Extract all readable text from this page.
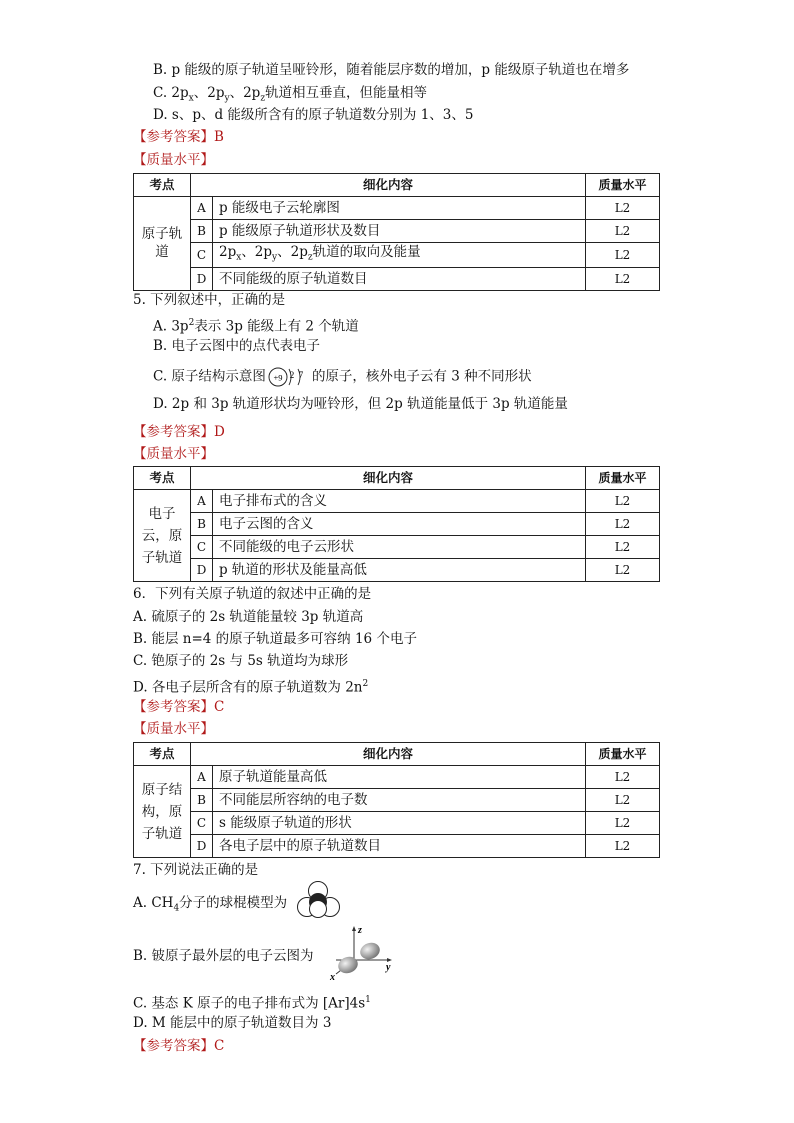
B. p 能级的原子轨道呈哑铃形，随着能层序数的增加，p 能级原子轨道也在增多
C. $2p_x$、$2p_y$、$2p_z$轨道相互垂直，但能量相等
D. s、p、d 能级所含有的原子轨道数分别为 1、3、5
【参考答案】B
【质量水平】
考点	细化内容		质量水平
原子轨道	A	p 能级电子云轮廓图	L2
	B	p 能级原子轨道形状及数目	L2
	C	$2p_x$、$2p_y$、$2p_z$轨道的取向及能量	L2
	D	不同能级的原子轨道数目	L2
5. 下列叙述中，正确的是
A. $3p^2$表示 3p 能级上有 2 个轨道
B. 电子云图中的点代表电子
C. 原子结构示意图 +9 2 7 的原子，核外电子云有 3 种不同形状
D. 2p 和 3p 轨道形状均为哑铃形，但 2p 轨道能量低于 3p 轨道能量
【参考答案】D
【质量水平】
考点	细化内容		质量水平
电子云，原子轨道	A	电子排布式的含义	L2
	B	电子云图的含义	L2
	C	不同能级的电子云形状	L2
	D	p 轨道的形状及能量高低	L2
6．下列有关原子轨道的叙述中正确的是
A. 硫原子的 2s 轨道能量较 3p 轨道高
B. 能层 n=4 的原子轨道最多可容纳 16 个电子
C. 铯原子的 2s 与 5s 轨道均为球形
D. 各电子层所含有的原子轨道数为 $2n^2$
【参考答案】C
【质量水平】
考点	细化内容		质量水平
原子结构，原子轨道	A	原子轨道能量高低	L2
	B	不同能层所容纳的电子数	L2
	C	s 能级原子轨道的形状	L2
	D	各电子层中的原子轨道数目	L2
7. 下列说法正确的是
A. $CH_4$分子的球棍模型为
B. 铍原子最外层的电子云图为
z
y
x
C. 基态 K 原子的电子排布式为 $[Ar]4s^1$
D. M 能层中的原子轨道数目为 3
【参考答案】C
